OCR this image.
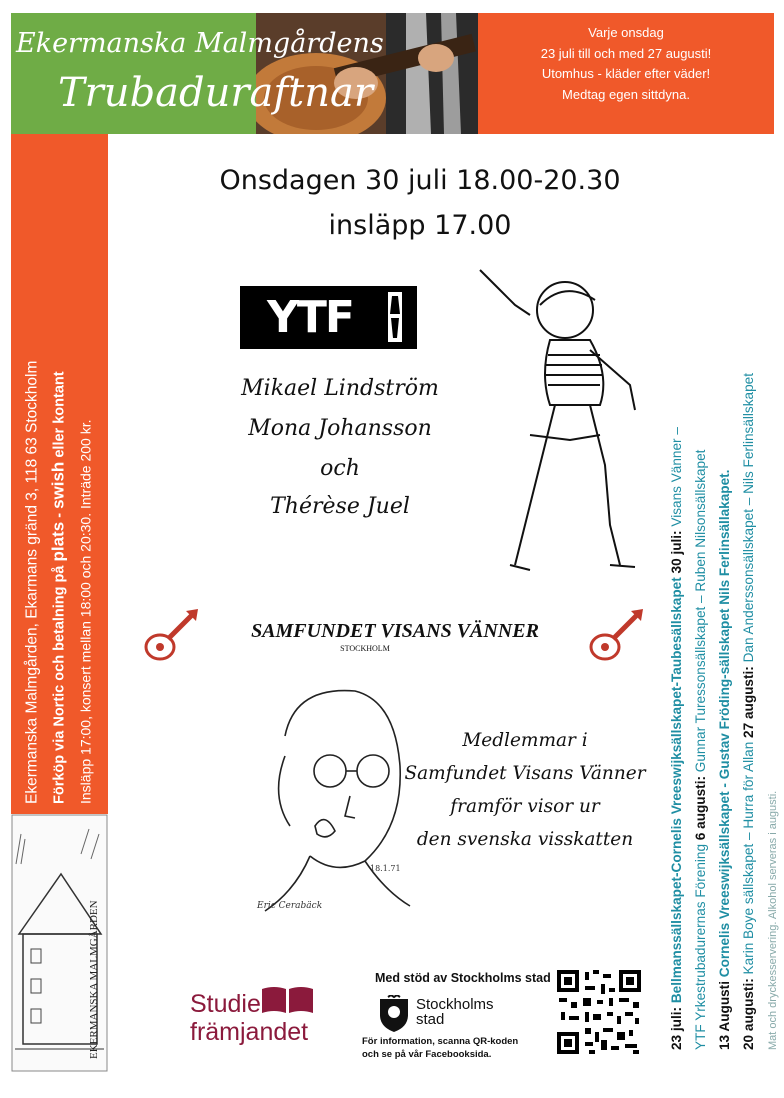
Varje onsdag
23 juli till och med 27 augusti!
Utomhus - kläder efter väder!
Medtag egen sittdyna.
Ekermanska Malmgårdens
Trubaduraftnar
Ekermanska Malmgården, Ekarmans gränd 3, 118 63 Stockholm Förköp via Nortic och betalning på plats - swish eller kontant
Insläpp 17:00, konsert mellan 18:00 och 20:30. Inträde 200 kr.
EKERMANSKA MALMGÅRDEN
Onsdagen 30 juli 18.00-20.30
insläpp 17.00
YTF
Mikael Lindström
Mona Johansson
och
Thérèse Juel
SAMFUNDET VISANS VÄNNER
STOCKHOLM
Eric Cerabäck
18.1.71
Medlemmar i
Samfundet Visans Vänner
framför visor ur
den svenska visskatten
Studie
främjandet
Med stöd av Stockholms stad
Stockholms
stad
För information, scanna QR-koden
och se på vår Facebooksida.
23 juli: Bellmanssällskapet-Cornelis Vreeswijksällskapet-Taubesällskapet 30 juli: Visans Vänner –
YTF Yrkestrubadurernas Förening 6 augusti: Gunnar Turessonsällskapet – Ruben Nilsonsällskapet
13 Augusti Cornelis Vreeswijksällskapet - Gustav Fröding-sällskapet Nils Ferlinsällakapet.
20 augusti: Karin Boye sällskapet – Hurra för Allan 27 augusti: Dan Anderssonsällskapet – Nils Ferlinsällskapet
Mat och dryckesservering. Alkohol serveras i augusti.
